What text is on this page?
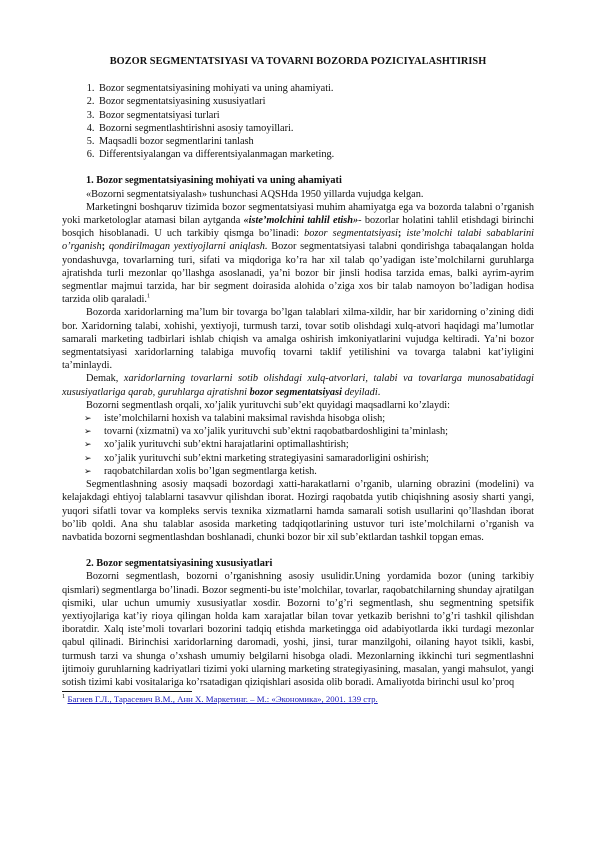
BOZOR SEGMENTATSIYASI VA TOVARNI BOZORDA POZICIYALASHTIRISH
1. Bozor segmentatsiyasining mohiyati va uning ahamiyati.
2. Bozor segmentatsiyasining xususiyatlari
3. Bozor segmentatsiyasi turlari
4. Bozorni segmentlashtirishni asosiy tamoyillari.
5. Maqsadli bozor segmentlarini tanlash
6. Differentsiyalangan va differentsiyalanmagan marketing.
1. Bozor segmentatsiyasining mohiyati va uning ahamiyati

«Bozorni segmentatsiyalash» tushunchasi AQSHda 1950 yillarda vujudga kelgan.

Marketingni boshqaruv tizimida bozor segmentatsiyasi muhim ahamiyatga ega va bozorda talabni o’rganish yoki marketologlar atamasi bilan aytganda «iste’molchini tahlil etish»- bozorlar holatini tahlil etishdagi birinchi bosqich hisoblanadi. U uch tarkibiy qismga bo’linadi: bozor segmentatsiyasi; iste’molchi talabi sabablarini o’rganish; qondirilmagan yextiyojlarni aniqlash. Bozor segmentatsiyasi talabni qondirishga tabaqalangan holda yondashuvga, tovarlarning turi, sifati va miqdoriga ko’ra har xil talab qo’yadigan iste’molchilarni guruhlarga ajratishda turli mezonlar qo’llashga asoslanadi, ya’ni bozor bir jinsli hodisa tarzida emas, balki ayrim-ayrim segmentlar majmui tarzida, har bir segment doirasida alohida o’ziga xos bir talab namoyon bo’ladigan hodisa tarzida olib qaraladi.$^1$

Bozorda xaridorlarning ma’lum bir tovarga bo’lgan talablari xilma-xildir, har bir xaridorning o’zining didi bor. Xaridorning talabi, xohishi, yextiyoji, turmush tarzi, tovar sotib olishdagi xulq-atvori haqidagi ma’lumotlar samarali marketing tadbirlari ishlab chiqish va amalga oshirish imkoniyatlarini vujudga keltiradi. Ya’ni bozor segmentatsiyasi xaridorlarning talabiga muvofiq tovarni taklif yetilishini va tovarga talabni kat’iyligini ta’minlaydi.

Demak, xaridorlarning tovarlarni sotib olishdagi xulq-atvorlari, talabi va tovarlarga munosabatidagi xususiyatlariga qarab, guruhlarga ajratishni bozor segmentatsiyasi deyiladi.

Bozorni segmentlash orqali, xo’jalik yurituvchi sub’ekt quyidagi maqsadlarni ko’zlaydi:

➢ iste’molchilarni hoxish va talabini maksimal ravishda hisobga olish;
➢ tovarni (xizmatni) va xo’jalik yurituvchi sub’ektni raqobatbardoshligini ta’minlash;
➢ xo’jalik yurituvchi sub’ektni harajatlarini optimallashtirish;
➢ xo’jalik yurituvchi sub’ektni marketing strategiyasini samaradorligini oshirish;
➢ raqobatchilardan xolis bo’lgan segmentlarga ketish.

Segmentlashning asosiy maqsadi bozordagi xatti-harakatlarni o’rganib, ularning obrazini (modelini) va kelajakdagi ehtiyoj talablarni tasavvur qilishdan iborat. Hozirgi raqobatda yutib chiqishning asosiy sharti yangi, yuqori sifatli tovar va kompleks servis texnika xizmatlarni hamda samarali sotish usullarini qo’llashdan iborat bo’lib qoldi. Ana shu talablar asosida marketing tadqiqotlarining ustuvor turi iste’molchilarni o’rganish va navbatida bozorni segmentlashdan boshlanadi, chunki bozor bir xil sub’ektlardan tashkil topgan emas.

2. Bozor segmentatsiyasining xususiyatlari

Bozorni segmentlash, bozorni o’rganishning asosiy usulidir.Uning yordamida bozor (uning tarkibiy qismlari) segmentlarga bo’linadi. Bozor segmenti-bu iste’molchilar, tovarlar, raqobatchilarning shunday ajratilgan qismiki, ular uchun umumiy xususiyatlar xosdir. Bozorni to’g’ri segmentlash, shu segmentning spetsifik yextiyojlariga kat’iy rioya qilingan holda kam xarajatlar bilan tovar yetkazib berishni to’g’ri tashkil qilishdan iboratdir. Xalq iste’moli tovarlari bozorini tadqiq etishda marketingga oid adabiyotlarda ikki turdagi mezonlar qabul qilinadi. Birinchisi xaridorlarning daromadi, yoshi, jinsi, turar manzilgohi, oilaning hayot tsikli, kasbi, turmush tarzi va shunga o’xshash umumiy belgilarni hisobga oladi. Mezonlarning ikkinchi turi segmentlashni ijtimoiy guruhlarning kadriyatlari tizimi yoki ularning marketing strategiyasining, masalan, yangi mahsulot, yangi sotish tizimi kabi vositalariga ko’rsatadigan qiziqishlari asosida olib boradi. Amaliyotda birinchi usul ko’proq

$^1$ Багиев Г.Л., Тарасевич В.М., Анн Х. Маркетинг. – М.: «Экономика», 2001. 139 стр.
